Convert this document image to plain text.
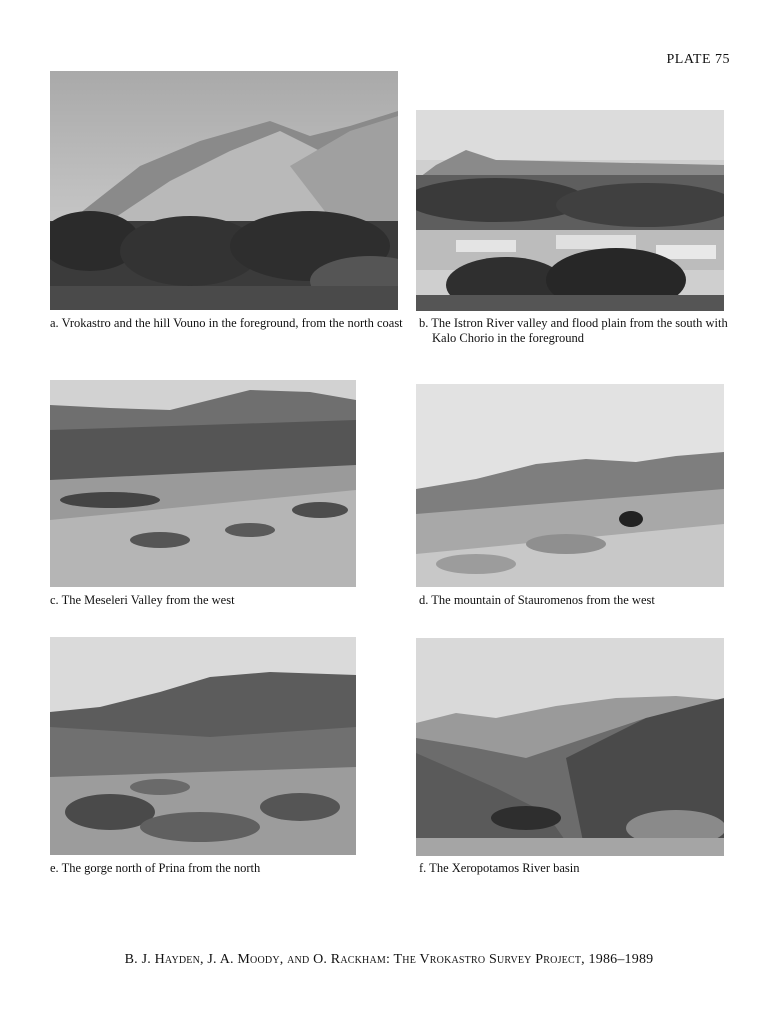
PLATE 75
a. Vrokastro and the hill Vouno in the foreground, from the north coast	b. The Istron River valley and flood plain from the south with Kalo Chorio in the foreground
c. The Meseleri Valley from the west	d. The mountain of Stauromenos from the west
e. The gorge north of Prina from the north	f. The Xeropotamos River basin
B. J. Hayden, J. A. Moody, and O. Rackham: The Vrokastro Survey Project, 1986–1989
